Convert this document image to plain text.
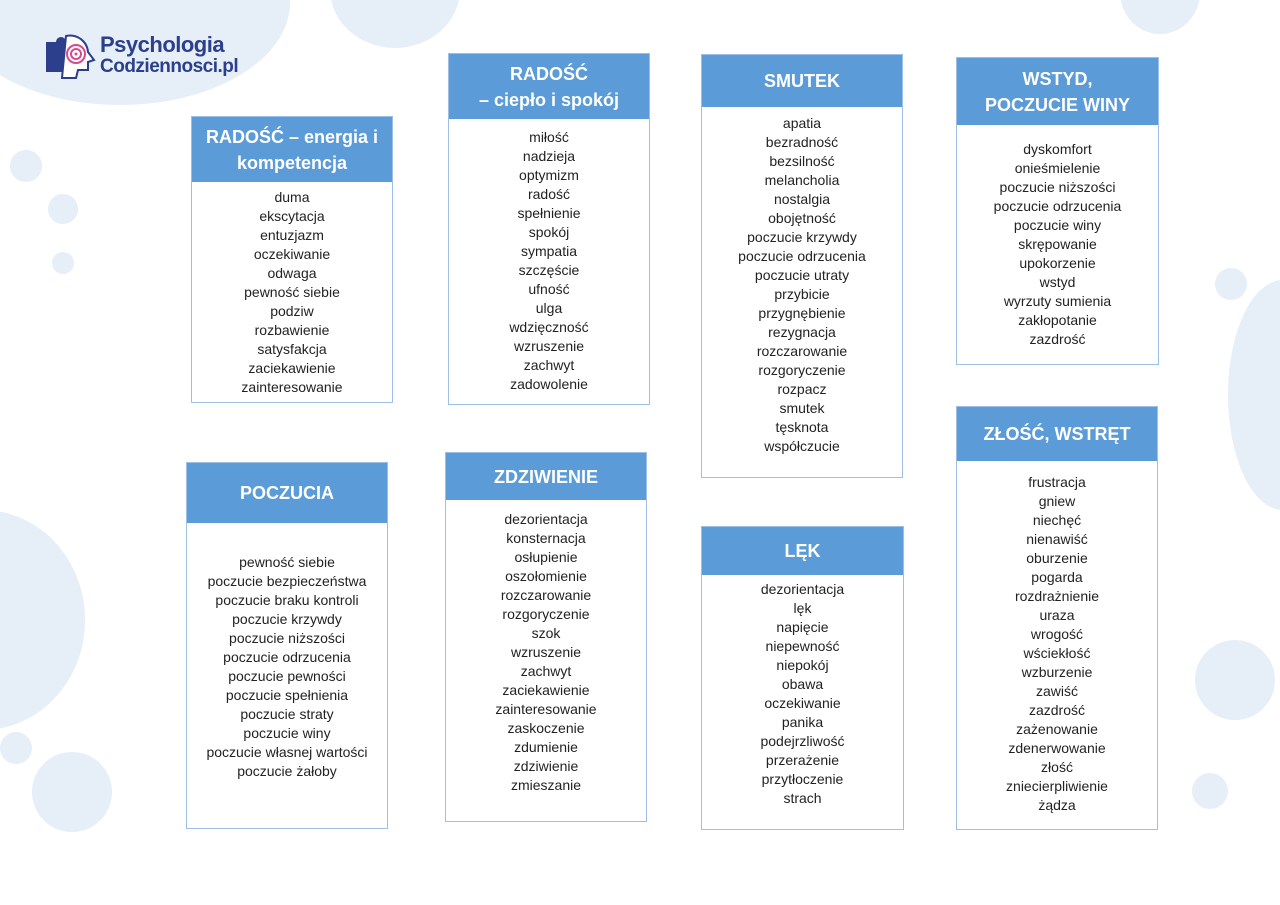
Psychologia
Codziennosci.pl
RADOŚĆ – energia i
kompetencja
duma
ekscytacja
entuzjazm
oczekiwanie
odwaga
pewność siebie
podziw
rozbawienie
satysfakcja
zaciekawienie
zainteresowanie
RADOŚĆ
– ciepło i spokój
miłość
nadzieja
optymizm
radość
spełnienie
spokój
sympatia
szczęście
ufność
ulga
wdzięczność
wzruszenie
zachwyt
zadowolenie
SMUTEK
apatia
bezradność
bezsilność
melancholia
nostalgia
obojętność
poczucie krzywdy
poczucie odrzucenia
poczucie utraty
przybicie
przygnębienie
rezygnacja
rozczarowanie
rozgoryczenie
rozpacz
smutek
tęsknota
współczucie
WSTYD,
POCZUCIE WINY
dyskomfort
onieśmielenie
poczucie niższości
poczucie odrzucenia
poczucie winy
skrępowanie
upokorzenie
wstyd
wyrzuty sumienia
zakłopotanie
zazdrość
POCZUCIA
pewność siebie
poczucie bezpieczeństwa
poczucie braku kontroli
poczucie krzywdy
poczucie niższości
poczucie odrzucenia
poczucie pewności
poczucie spełnienia
poczucie straty
poczucie winy
poczucie własnej wartości
poczucie żałoby
ZDZIWIENIE
dezorientacja
konsternacja
osłupienie
oszołomienie
rozczarowanie
rozgoryczenie
szok
wzruszenie
zachwyt
zaciekawienie
zainteresowanie
zaskoczenie
zdumienie
zdziwienie
zmieszanie
LĘK
dezorientacja
lęk
napięcie
niepewność
niepokój
obawa
oczekiwanie
panika
podejrzliwość
przerażenie
przytłoczenie
strach
ZŁOŚĆ, WSTRĘT
frustracja
gniew
niechęć
nienawiść
oburzenie
pogarda
rozdrażnienie
uraza
wrogość
wściekłość
wzburzenie
zawiść
zazdrość
zażenowanie
zdenerwowanie
złość
zniecierpliwienie
żądza
